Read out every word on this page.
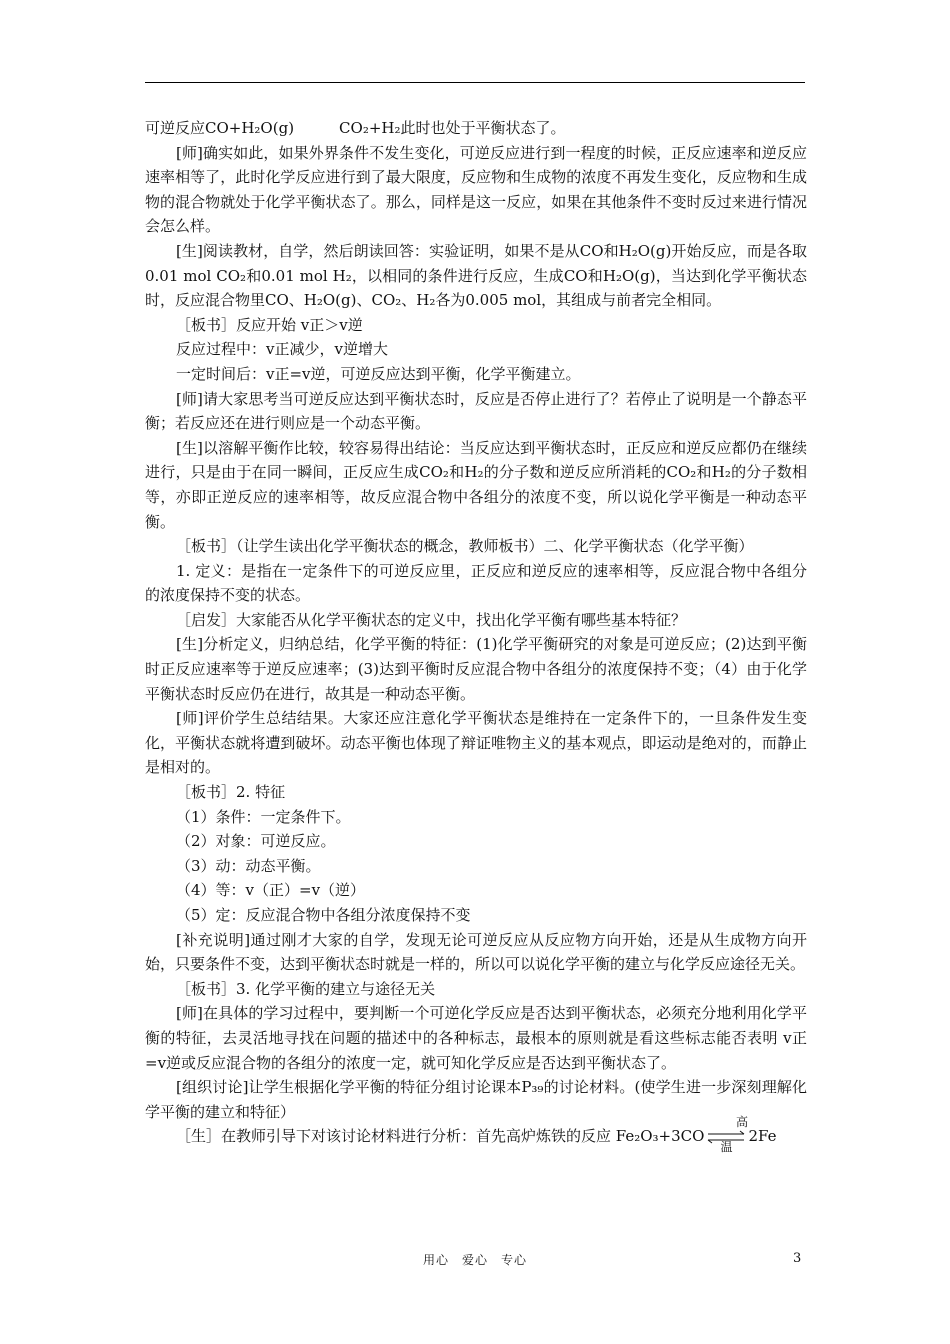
可逆反应CO+H₂O(g)　　　CO₂+H₂此时也处于平衡状态了。

[师]确实如此，如果外界条件不发生变化，可逆反应进行到一程度的时候，正反应速率和逆反应速率相等了，此时化学反应进行到了最大限度，反应物和生成物的浓度不再发生变化，反应物和生成物的混合物就处于化学平衡状态了。那么，同样是这一反应，如果在其他条件不变时反过来进行情况会怎么样。

[生]阅读教材，自学，然后朗读回答：实验证明，如果不是从CO和H₂O(g)开始反应，而是各取0.01 mol CO₂和0.01 mol H₂，以相同的条件进行反应，生成CO和H₂O(g)，当达到化学平衡状态时，反应混合物里CO、H₂O(g)、CO₂、H₂各为0.005 mol，其组成与前者完全相同。

［板书］反应开始 v正＞v逆

反应过程中：v正减少，v逆增大

一定时间后：v正=v逆，可逆反应达到平衡，化学平衡建立。

[师]请大家思考当可逆反应达到平衡状态时，反应是否停止进行了？若停止了说明是一个静态平衡；若反应还在进行则应是一个动态平衡。

[生]以溶解平衡作比较，较容易得出结论：当反应达到平衡状态时，正反应和逆反应都仍在继续进行，只是由于在同一瞬间，正反应生成CO₂和H₂的分子数和逆反应所消耗的CO₂和H₂的分子数相等，亦即正逆反应的速率相等，故反应混合物中各组分的浓度不变，所以说化学平衡是一种动态平衡。

［板书］（让学生读出化学平衡状态的概念，教师板书）二、化学平衡状态（化学平衡）

1. 定义：是指在一定条件下的可逆反应里，正反应和逆反应的速率相等，反应混合物中各组分的浓度保持不变的状态。

［启发］大家能否从化学平衡状态的定义中，找出化学平衡有哪些基本特征？

[生]分析定义，归纳总结，化学平衡的特征：(1)化学平衡研究的对象是可逆反应；(2)达到平衡时正反应速率等于逆反应速率；(3)达到平衡时反应混合物中各组分的浓度保持不变；（4）由于化学平衡状态时反应仍在进行，故其是一种动态平衡。

[师]评价学生总结结果。大家还应注意化学平衡状态是维持在一定条件下的，一旦条件发生变化，平衡状态就将遭到破坏。动态平衡也体现了辩证唯物主义的基本观点，即运动是绝对的，而静止是相对的。

［板书］2. 特征

（1）条件：一定条件下。

（2）对象：可逆反应。

（3）动：动态平衡。

（4）等：v（正）=v（逆）

（5）定：反应混合物中各组分浓度保持不变

[补充说明]通过刚才大家的自学，发现无论可逆反应从反应物方向开始，还是从生成物方向开始，只要条件不变，达到平衡状态时就是一样的，所以可以说化学平衡的建立与化学反应途径无关。

［板书］3. 化学平衡的建立与途径无关

[师]在具体的学习过程中，要判断一个可逆化学反应是否达到平衡状态，必须充分地利用化学平衡的特征，去灵活地寻找在问题的描述中的各种标志，最根本的原则就是看这些标志能否表明 v正=v逆或反应混合物的各组分的浓度一定，就可知化学反应是否达到平衡状态了。

[组织讨论]让学生根据化学平衡的特征分组讨论课本P₃₉的讨论材料。(使学生进一步深刻理解化学平衡的建立和特征）

［生］在教师引导下对该讨论材料进行分析：首先高炉炼铁的反应 Fe₂O₃+3CO
高温
2Fe

用心　爱心　专心	3
